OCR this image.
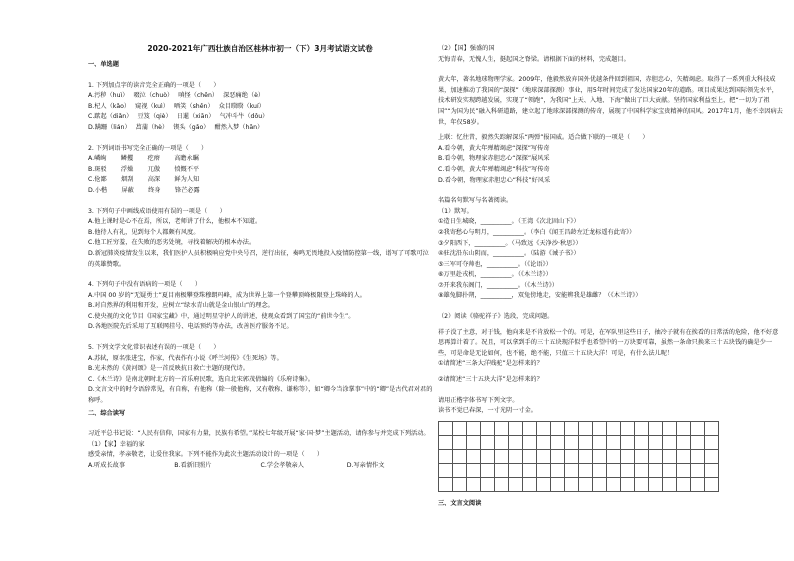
2020-2021年广西壮族自治区桂林市初一（下）3月考试语文试卷
一、单选题
1. 下列加点字的读音完全正确的一项是（　　）
A.污秽（huì）　 啜泣（chuò）　 嗔怪（chēn）　 深恶痛绝（è）
B.杞人（kǎo）　 窥视（kuì）　 哂笑（shěn）　 众目睽睽（kuí）
C.踮起（diǎn）　 豆笈（qiè）　 日暹（xiān）　 气冲斗牛（dǒu）
D.蹒跚（lián）　 菖蒲（hè）　 锲头（gǎo）　 酣然入梦（hān）
2. 下列词语书写完全正确的一项是（　　）
A.嶙峋　　 鳞攫　　 疙瘩　　 高瞻永瞩
B.斑驳　　 浮燥　　 兀傲　　 愤慨不平
C.伧鄙　　 烟刮　　 高深　　 鲜为人知
D.小楷　　 屏蔽　　 终身　　 锋芒必露
3. 下列句子中画线成语使用有误的一项是（　　）
A.他上课时是心不在焉，所以，老师讲了什么，他根本不知道。
B.他待人有礼，见到每个人都颇有风度。
C.他工匠穷羞，在失败的恶劣处境，寻找着解决的根本办法。
D.新冠肺炎疫情发生以来，我们医护人员积极响应党中央号召，逆行出征，奏鸣无畏地投入疫情防控第一线，谱写了可歌可泣的英雄赞歌。
4. 下列句子中没有语病的一项是（　　）
A.中国 00 岁的“无疑勇士”夏目南极攀登珠穆朗玛峰，成为世界上第一个登攀顶峰极限登上珠峰的人。
B.对自然界的利用和开发，应树立“绿水青山就是金山银山”的理念。
C.使央视的文化节目《国家宝藏》中，通过明星守护人的讲述，使观众看到了国宝的“前世今生”。
D.各地医院先后采用了互联网挂号、电话预约等办法，改善医疗服务不足。
5. 下列文学文化常识表述有误的一项是（　　）
A.苏轼，原名张进宝，作家，代表作有小说《呼兰河传》《生死场》等。
B.光未然的《黄河颂》是一首反映抗日救亡主题的现代诗。
C.《木兰诗》是南北朝时北方的一首乐府民歌，选自北宋郭茂倩编的《乐府诗集》。
D.文言文中的时令语辞常见，有自称，有他称（除一般他称，又有敬称、谦称等），如“卿今当涂掌事”中的“卿”是古代君对君的称呼。
二、综合读写
习近平总书记说：“人民有信仰，国家有力量，民族有希望。”某校七年级开展“家·国·梦”主题活动，请你参与并完成下列活动。
（1）【家】幸福的家
感受亲情，孝亲敬老，让爱住我家。下列不能作为此次主题活动设计的一项是（　　）
A.听成长故事	B.看新旧照片	C.学会孝敬亲人	D.写亲情作文
（2）【国】强盛的国
无悔青春，无愧人生，挺起国之脊梁。请根据下面的材料，完成题目。
黄大年，著名地球物理学家。2009年，他毅然放弃国外优越条件回到祖国，赤胆忠心，矢精竭虑。取得了一系列重大科技成果，加速推动了我国的“深探”（地球深部探测）事业，用5年时间完成了发达国家20年的道路。项目成果达到国际领先水平，技术研发实现跨越发展，实现了“领跑”，为我国“上天、入地、下海”做出了巨大贡献。坚持国家利益至上，把“一切为了祖国”“为国为民”融入科研道路，建立起了地球深部探测的传奇，展现了中国科学家宝贵精神的国风。2017年1月，他不幸因病去世，年仅58岁。
上联：忆往昔，毅然失踪解深乐“两弹”报国威。适合做下联的一项是（　　）
A.看今朝，黄大年殚精竭虑“深探”写传奇
B.看今朝，物理家赤胆忠心“深探”展风采
C.看今朝，黄大年殚精竭虑“科技”写传奇
D.看今朝，物理家赤胆忠心“科技”好风采
名篇名句默写与名著阅读。
（1）默写。
①造日生城晓，__________。（王湾《次北固山下》）
②我寄愁心与明月，__________。（李白《闻王昌龄左迁龙标遥有此寄》）
③夕阳西下，__________。（马致远《天净沙·秋思》）
④驻沈沿东山阴而，__________。（陆游《诫子书》）
⑤三军可夺帅也，__________。（《论语》）
⑥万里赴戎机，__________。（《木兰诗》）
⑦开来我东阁门，__________。（《木兰诗》）
⑧雄兔脚扑朔，__________，双兔傍地走，安能辨我是雄雌？（《木兰诗》）
（2）阅读《骆驼祥子》选段，完成问题。
祥子没了主意，对于钱，他向来是不肯放松一个的。可是，在军队里这些日子，抽冷子就有在挨看的日常活的危险，他不好意思再算计着了。况且，可以拿到手的三十五块现洋似乎也希望中的一万块要可靠，虽然一条命只换来三十五块钱的确是少一些，可是命是无论如何，也不能，绝不能，只值三十五块大洋！可是，有什么法儿呢！
①请简述“三条大洋贱驼”是怎样来的？
②请简述“三十五块大洋”是怎样来的？
请用正楷字体书写下列文字。
读书不觉已春深，一寸光阴一寸金。
三、文言文阅读
